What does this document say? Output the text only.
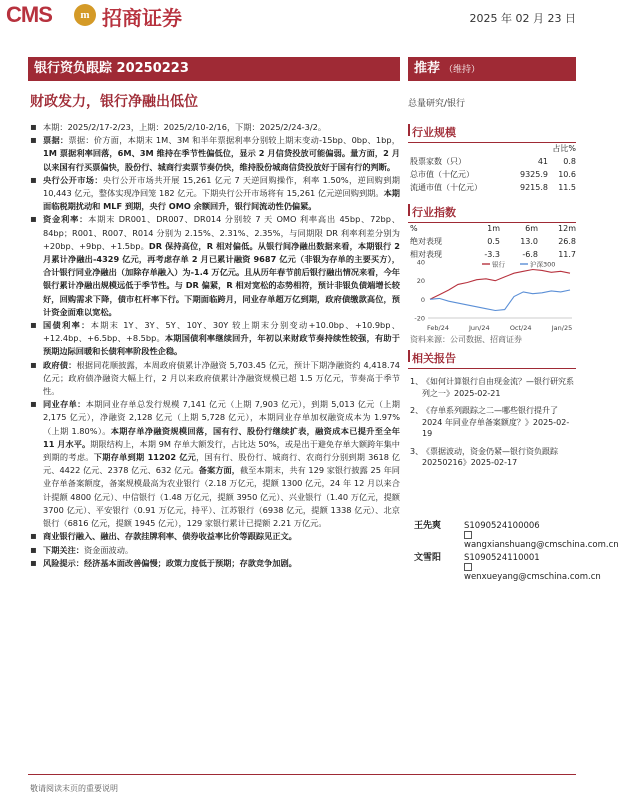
CMS	m 招商证券	2025 年 02 月 23 日
银行资负跟踪 20250223	推荐 （维持）
财政发力，银行净融出低位	总量研究/银行

▪ 本期：2025/2/17-2/23，上期：2025/2/10-2/16，下期：2025/2/24-3/2。

▪ 票据：票据：价方面，本期末 1M、3M 和半年票据利率分别较上期末变动-15bp、0bp、1bp，1M 票据利率回落，6M、3M 维持在季节性偏低位，显示 2 月信贷投放可能偏弱。量方面，2 月以来国有行买票偏快，股份行、城商行卖票节奏仍快，维持股份城商信贷投放好于国有行的判断。

▪ 央行公开市场：央行公开市场共开展 15,261 亿元 7 天逆回购操作，利率 1.50%，逆回购到期 10,443 亿元，整体实现净回笼 182 亿元。下期央行公开市场将有 15,261 亿元逆回购到期。本期面临税期扰动和 MLF 到期，央行 OMO 余额回升，银行间流动性仍偏紧。

▪ 资金利率：本期末 DR001、DR007、DR014 分别较 7 天 OMO 利率高出 45bp、72bp、84bp；R001、R007、R014 分别为 2.15%、2.31%、2.35%，与同期限 DR 利率利差分别为+20bp、+9bp、+1.5bp。DR 保持高位，R 相对偏低。从银行间净融出数据来看，本期银行 2 月累计净融出-4329 亿元，再考虑存单 2 月已累计融资 9687 亿元（非银为存单的主要买方），合计银行同业净融出（加除存单融入）为-1.4 万亿元。且从历年春节前后银行融出情况来看，今年银行累计净融出规模远低于季节性。与 DR 偏紧，R 相对宽松的态势相符，预计非银负债端增长较好，回购需求下降，债市杠杆率下行。下期面临跨月，同业存单超万亿到期，政府债缴款高位，预计资金面难以宽松。

▪ 国债利率：本期末 1Y、3Y、5Y、10Y、30Y 较上期末分别变动+10.0bp、+10.9bp、+12.4bp、+6.5bp、+8.5bp。本期国债利率继续回升，年初以来财政节奏持续性较强，有助于预期边际回暖和长债利率阶段性企稳。

▪ 政府债：根据同花顺披露，本周政府债累计净融资 5,703.45 亿元，预计下期净融资约 4,418.74 亿元；政府债净融资大幅上行，2 月以来政府债累计净融资规模已超 1.5 万亿元，节奏高于季节性。

▪ 同业存单：本期同业存单总发行规模 7,141 亿元（上期 7,903 亿元），到期 5,013 亿元（上期 2,175 亿元），净融资 2,128 亿元（上期 5,728 亿元），本期同业存单加权融资成本为 1.97%（上期 1.80%）。本期存单净融资规模回落，国有行、股份行继续扩表，融资成本已提升至全年 11 月水平。期限结构上，本期 9M 存单大额发行，占比达 50%，或是出于避免存单大额跨年集中到期的考虑。下期存单到期 11202 亿元，国有行、股份行、城商行、农商行分别到期 3618 亿元、4422 亿元、2378 亿元、632 亿元。备案方面，截至本期末，共有 129 家银行披露 25 年同业存单备案额度，备案规模最高为农业银行（2.18 万亿元，提额 1300 亿元，24 年 12 月以来合计提额 4800 亿元）、中信银行（1.48 万亿元，提额 3950 亿元）、兴业银行（1.40 万亿元，提额 3700 亿元）、平安银行（0.91 万亿元，持平）、江苏银行（6938 亿元，提额 1338 亿元）、北京银行（6816 亿元，提额 1945 亿元），129 家银行累计已提额 2.21 万亿元。

▪ 商业银行融入、融出、存款挂牌利率、债券收益率比价等跟踪见正文。

▪ 下期关注：资金面波动。

▪ 风险提示：经济基本面改善偏慢；政策力度低于预期；存款竞争加剧。

行业规模
		占比%
股票家数（只）	41	0.8
总市值（十亿元）	9325.9	10.6
流通市值（十亿元）	9215.8	11.5
行业指数
%	1m	6m	12m
绝对表现	0.5	13.0	26.8
相对表现	-3.3	-6.8	11.7
40
20
0
-20
Feb/24	Jun/24	Oct/24	Jan/25
银行	沪深300
资料来源：公司数据、招商证券
相关报告
1、
《如何计算银行自由现金流？—银行研究系列之一》2025-02-21
2、
《存单系列跟踪之二—哪些银行提升了 2024 年同业存单备案额度？》2025-02-19
3、
《票据波动，资金仍紧—银行资负跟踪 20250216》2025-02-17
王先爽	S1090524100006
wangxianshuang@cmschina.com.cn
文雪阳	S1090524110001
wenxueyang@cmschina.com.cn
敬请阅读末页的重要说明
